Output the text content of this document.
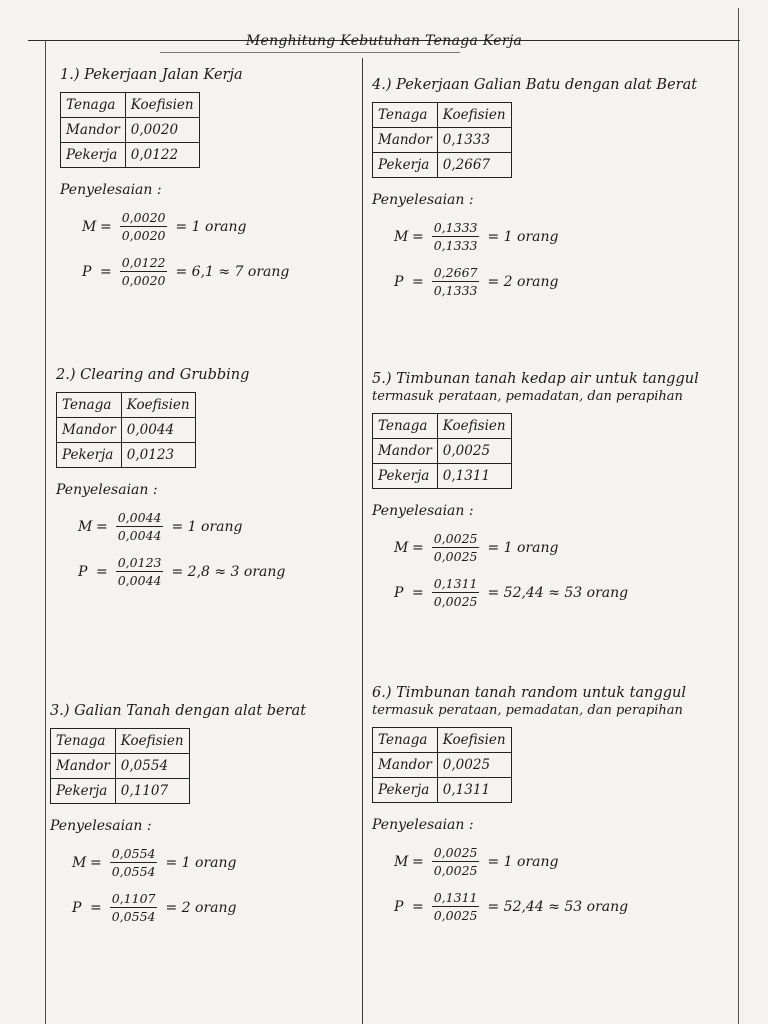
Menghitung Kebutuhan Tenaga Kerja
1.) Pekerjaan Jalan Kerja
Tenaga	Koefisien
Mandor	0,0020
Pekerja	0,0122
Penyelesaian :
$M = \frac{0,0020}{0,0020} = 1$ orang
$P = \frac{0,0122}{0,0020} = 6,1 \approx 7$ orang
2.) Clearing and Grubbing
Tenaga	Koefisien
Mandor	0,0044
Pekerja	0,0123
Penyelesaian :
$M = \frac{0,0044}{0,0044} = 1$ orang
$P = \frac{0,0123}{0,0044} = 2,8 \approx 3$ orang
3.) Galian Tanah dengan alat berat
Tenaga	Koefisien
Mandor	0,0554
Pekerja	0,1107
Penyelesaian :
$M = \frac{0,0554}{0,0554} = 1$ orang
$P = \frac{0,1107}{0,0554} = 2$ orang
4.) Pekerjaan Galian Batu dengan alat Berat
Tenaga	Koefisien
Mandor	0,1333
Pekerja	0,2667
Penyelesaian :
$M = \frac{0,1333}{0,1333} = 1$ orang
$P = \frac{0,2667}{0,1333} = 2$ orang
5.) Timbunan tanah kedap air untuk tanggul
termasuk perataan, pemadatan, dan perapihan
Tenaga	Koefisien
Mandor	0,0025
Pekerja	0,1311
Penyelesaian :
$M = \frac{0,0025}{0,0025} = 1$ orang
$P = \frac{0,1311}{0,0025} = 52,44 \approx 53$ orang
6.) Timbunan tanah random untuk tanggul
termasuk perataan, pemadatan, dan perapihan
Tenaga	Koefisien
Mandor	0,0025
Pekerja	0,1311
Penyelesaian :
$M = \frac{0,0025}{0,0025} = 1$ orang
$P = \frac{0,1311}{0,0025} = 52,44 \approx 53$ orang
